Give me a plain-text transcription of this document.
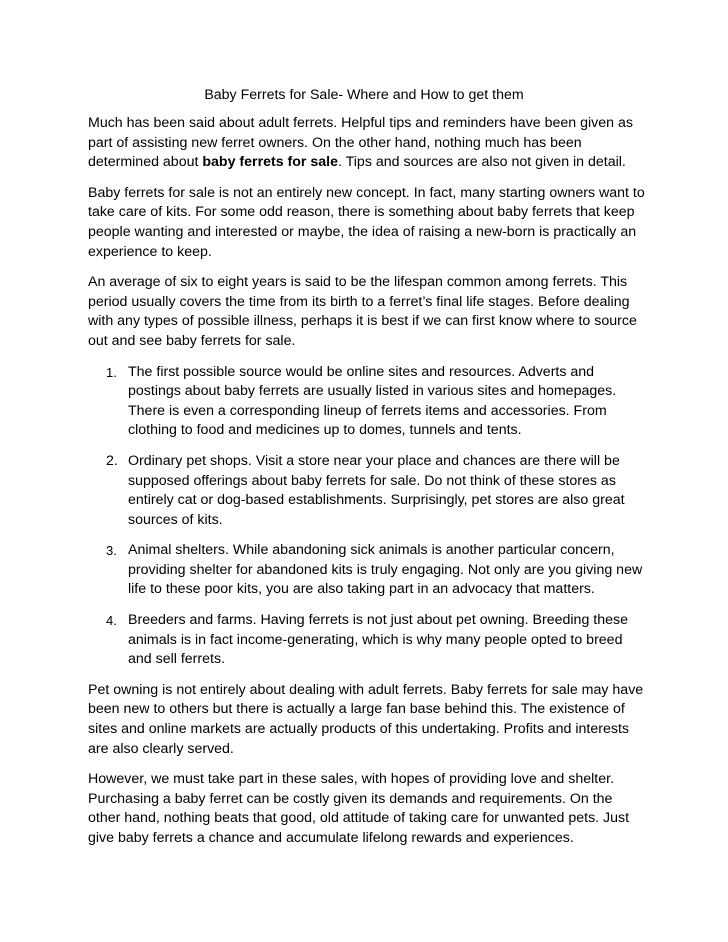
Baby Ferrets for Sale- Where and How to get them

Much has been said about adult ferrets. Helpful tips and reminders have been given as part of assisting new ferret owners. On the other hand, nothing much has been determined about baby ferrets for sale. Tips and sources are also not given in detail.

Baby ferrets for sale is not an entirely new concept. In fact, many starting owners want to take care of kits. For some odd reason, there is something about baby ferrets that keep people wanting and interested or maybe, the idea of raising a new-born is practically an experience to keep.

An average of six to eight years is said to be the lifespan common among ferrets. This period usually covers the time from its birth to a ferret’s final life stages. Before dealing with any types of possible illness, perhaps it is best if we can first know where to source out and see baby ferrets for sale.

1. The first possible source would be online sites and resources. Adverts and postings about baby ferrets are usually listed in various sites and homepages. There is even a corresponding lineup of ferrets items and accessories. From clothing to food and medicines up to domes, tunnels and tents.
2. Ordinary pet shops. Visit a store near your place and chances are there will be supposed offerings about baby ferrets for sale. Do not think of these stores as entirely cat or dog-based establishments. Surprisingly, pet stores are also great sources of kits.
3. Animal shelters. While abandoning sick animals is another particular concern, providing shelter for abandoned kits is truly engaging. Not only are you giving new life to these poor kits, you are also taking part in an advocacy that matters.
4. Breeders and farms. Having ferrets is not just about pet owning. Breeding these animals is in fact income-generating, which is why many people opted to breed and sell ferrets.

Pet owning is not entirely about dealing with adult ferrets. Baby ferrets for sale may have been new to others but there is actually a large fan base behind this. The existence of sites and online markets are actually products of this undertaking. Profits and interests are also clearly served.

However, we must take part in these sales, with hopes of providing love and shelter. Purchasing a baby ferret can be costly given its demands and requirements. On the other hand, nothing beats that good, old attitude of taking care for unwanted pets. Just give baby ferrets a chance and accumulate lifelong rewards and experiences.
